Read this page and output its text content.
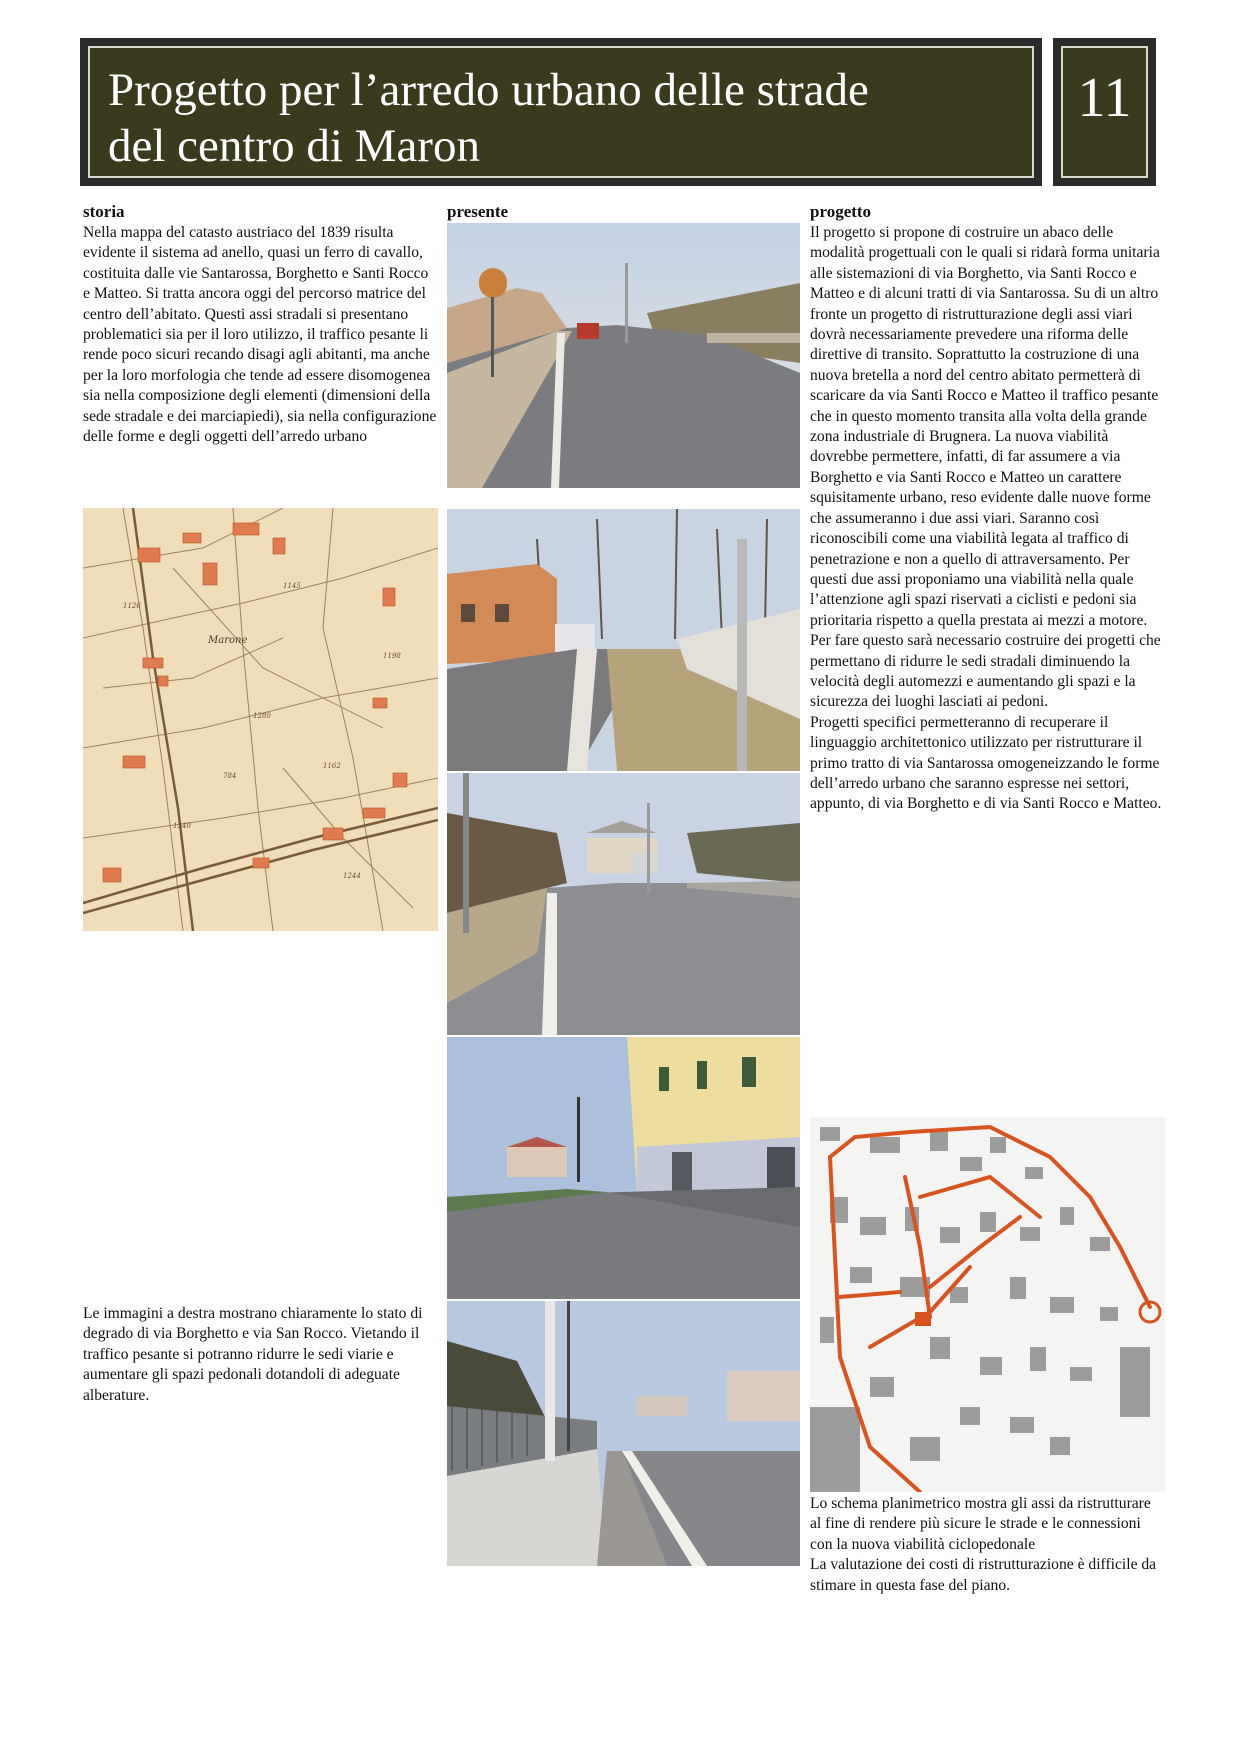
Progetto per l’arredo urbano delle strade
del centro di Maron
11
storia
Nella mappa del catasto austriaco del 1839 risulta evidente il sistema ad anello, quasi un ferro di cavallo, costituita dalle vie Santarossa, Borghetto e Santi Rocco e Matteo. Si tratta ancora oggi del percorso matrice del centro dell’abitato. Questi assi stradali si presentano problematici sia per il loro utilizzo, il traffico pesante li rende poco sicuri recando disagi agli abitanti, ma anche per la loro morfologia che tende ad essere disomogenea sia nella composizione degli elementi (dimensioni della sede stradale e dei marciapiedi), sia nella configurazione delle forme e degli oggetti dell’arredo urbano
1126
1145
1280
784
1162
1244
1340
1198
Marone
Le immagini a destra mostrano chiaramente lo stato di degrado di via Borghetto e via San Rocco. Vietando il traffico pesante si potranno ridurre le sedi viarie e aumentare gli spazi pedonali dotandoli di adeguate alberature.
presente	progetto
Il progetto si propone di costruire un abaco delle modalità progettuali con le quali si ridarà forma unitaria alle sistemazioni di via Borghetto, via Santi Rocco e Matteo e di alcuni tratti di via Santarossa. Su di un altro fronte un progetto di ristrutturazione degli assi viari dovrà necessariamente prevedere una riforma delle direttive di transito. Soprattutto la costruzione di una nuova bretella a nord del centro abitato permetterà di scaricare da via Santi Rocco e Matteo il traffico pesante che in questo momento transita alla volta della grande zona industriale di Brugnera. La nuova viabilità dovrebbe permettere, infatti, di far assumere a via Borghetto e via Santi Rocco e Matteo un carattere squisitamente urbano, reso evidente dalle nuove forme che assumeranno i due assi viari. Saranno così riconoscibili come una viabilità legata al traffico di penetrazione e non a quello di attraversamento. Per questi due assi proponiamo una viabilità nella quale l’attenzione agli spazi riservati a ciclisti e pedoni sia prioritaria rispetto a quella prestata ai mezzi a motore. Per fare questo sarà necessario costruire dei progetti che permettano di ridurre le sedi stradali diminuendo la velocità degli automezzi e aumentando gli spazi e la sicurezza dei luoghi lasciati ai pedoni.
Progetti specifici permetteranno di recuperare il linguaggio architettonico utilizzato per ristrutturare il primo tratto di via Santarossa omogeneizzando le forme dell’arredo urbano che saranno espresse nei settori, appunto, di via Borghetto e di via Santi Rocco e Matteo.
Lo schema planimetrico mostra gli assi da ristrutturare al fine di rendere più sicure le strade e le connessioni con la nuova viabilità ciclopedonale
La valutazione dei costi di ristrutturazione è difficile da stimare in questa fase del piano.
